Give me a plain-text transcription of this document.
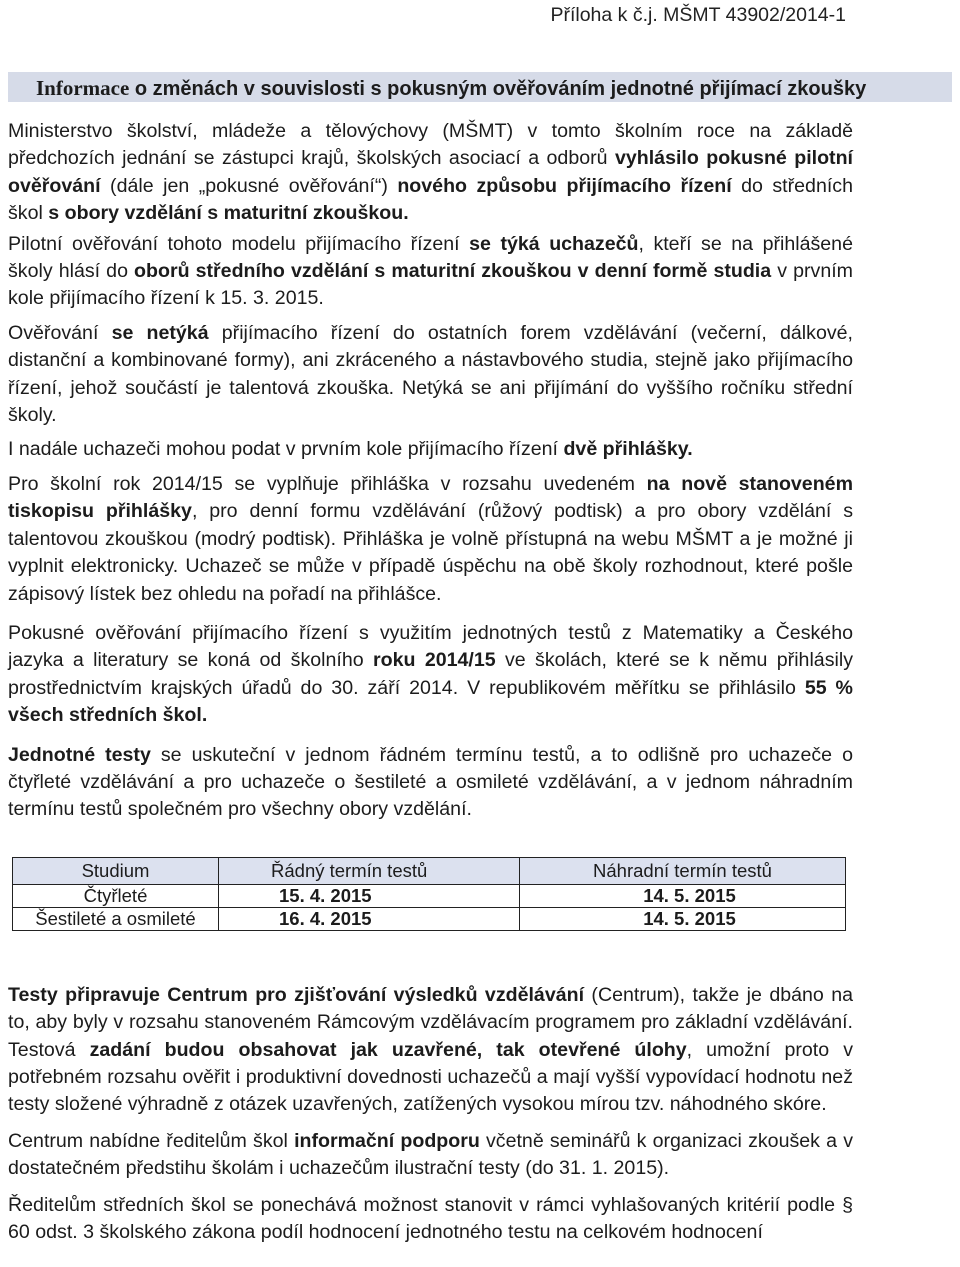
Příloha k č.j. MŠMT 43902/2014-1
Informace o změnách v souvislosti s pokusným ověřováním jednotné přijímací zkoušky

Ministerstvo školství, mládeže a tělovýchovy (MŠMT) v tomto školním roce na základě předchozích jednání se zástupci krajů, školských asociací a odborů vyhlásilo pokusné pilotní ověřování (dále jen „pokusné ověřování“) nového způsobu přijímacího řízení do středních škol s obory vzdělání s maturitní zkouškou.

Pilotní ověřování tohoto modelu přijímacího řízení se týká uchazečů, kteří se na přihlášené školy hlásí do oborů středního vzdělání s maturitní zkouškou v denní formě studia v prvním kole přijímacího řízení k 15. 3. 2015.

Ověřování se netýká přijímacího řízení do ostatních forem vzdělávání (večerní, dálkové, distanční a kombinované formy), ani zkráceného a nástavbového studia, stejně jako přijímacího řízení, jehož součástí je talentová zkouška. Netýká se ani přijímání do vyššího ročníku střední školy.

I nadále uchazeči mohou podat v prvním kole přijímacího řízení dvě přihlášky.

Pro školní rok 2014/15 se vyplňuje přihláška v rozsahu uvedeném na nově stanoveném tiskopisu přihlášky, pro denní formu vzdělávání (růžový podtisk) a pro obory vzdělání s talentovou zkouškou (modrý podtisk). Přihláška je volně přístupná na webu MŠMT a je možné ji vyplnit elektronicky. Uchazeč se může v případě úspěchu na obě školy rozhodnout, které pošle zápisový lístek bez ohledu na pořadí na přihlášce.

Pokusné ověřování přijímacího řízení s využitím jednotných testů z Matematiky a Českého jazyka a literatury se koná od školního roku 2014/15 ve školách, které se k němu přihlásily prostřednictvím krajských úřadů do 30. září 2014. V republikovém měřítku se přihlásilo 55 % všech středních škol.

Jednotné testy se uskuteční v jednom řádném termínu testů, a to odlišně pro uchazeče o čtyřleté vzdělávání a pro uchazeče o šestileté a osmileté vzdělávání, a v jednom náhradním termínu testů společném pro všechny obory vzdělání.

Studium	Řádný termín testů	Náhradní termín testů
Čtyřleté	15. 4. 2015	14. 5. 2015
Šestileté a osmileté	16. 4. 2015	14. 5. 2015

Testy připravuje Centrum pro zjišťování výsledků vzdělávání (Centrum), takže je dbáno na to, aby byly v rozsahu stanoveném Rámcovým vzdělávacím programem pro základní vzdělávání. Testová zadání budou obsahovat jak uzavřené, tak otevřené úlohy, umožní proto v potřebném rozsahu ověřit i produktivní dovednosti uchazečů a mají vyšší vypovídací hodnotu než testy složené výhradně z otázek uzavřených, zatížených vysokou mírou tzv. náhodného skóre.

Centrum nabídne ředitelům škol informační podporu včetně seminářů k organizaci zkoušek a v dostatečném předstihu školám i uchazečům ilustrační testy (do 31. 1. 2015).

Ředitelům středních škol se ponechává možnost stanovit v rámci vyhlašovaných kritérií podle § 60 odst. 3 školského zákona podíl hodnocení jednotného testu na celkovém hodnocení
